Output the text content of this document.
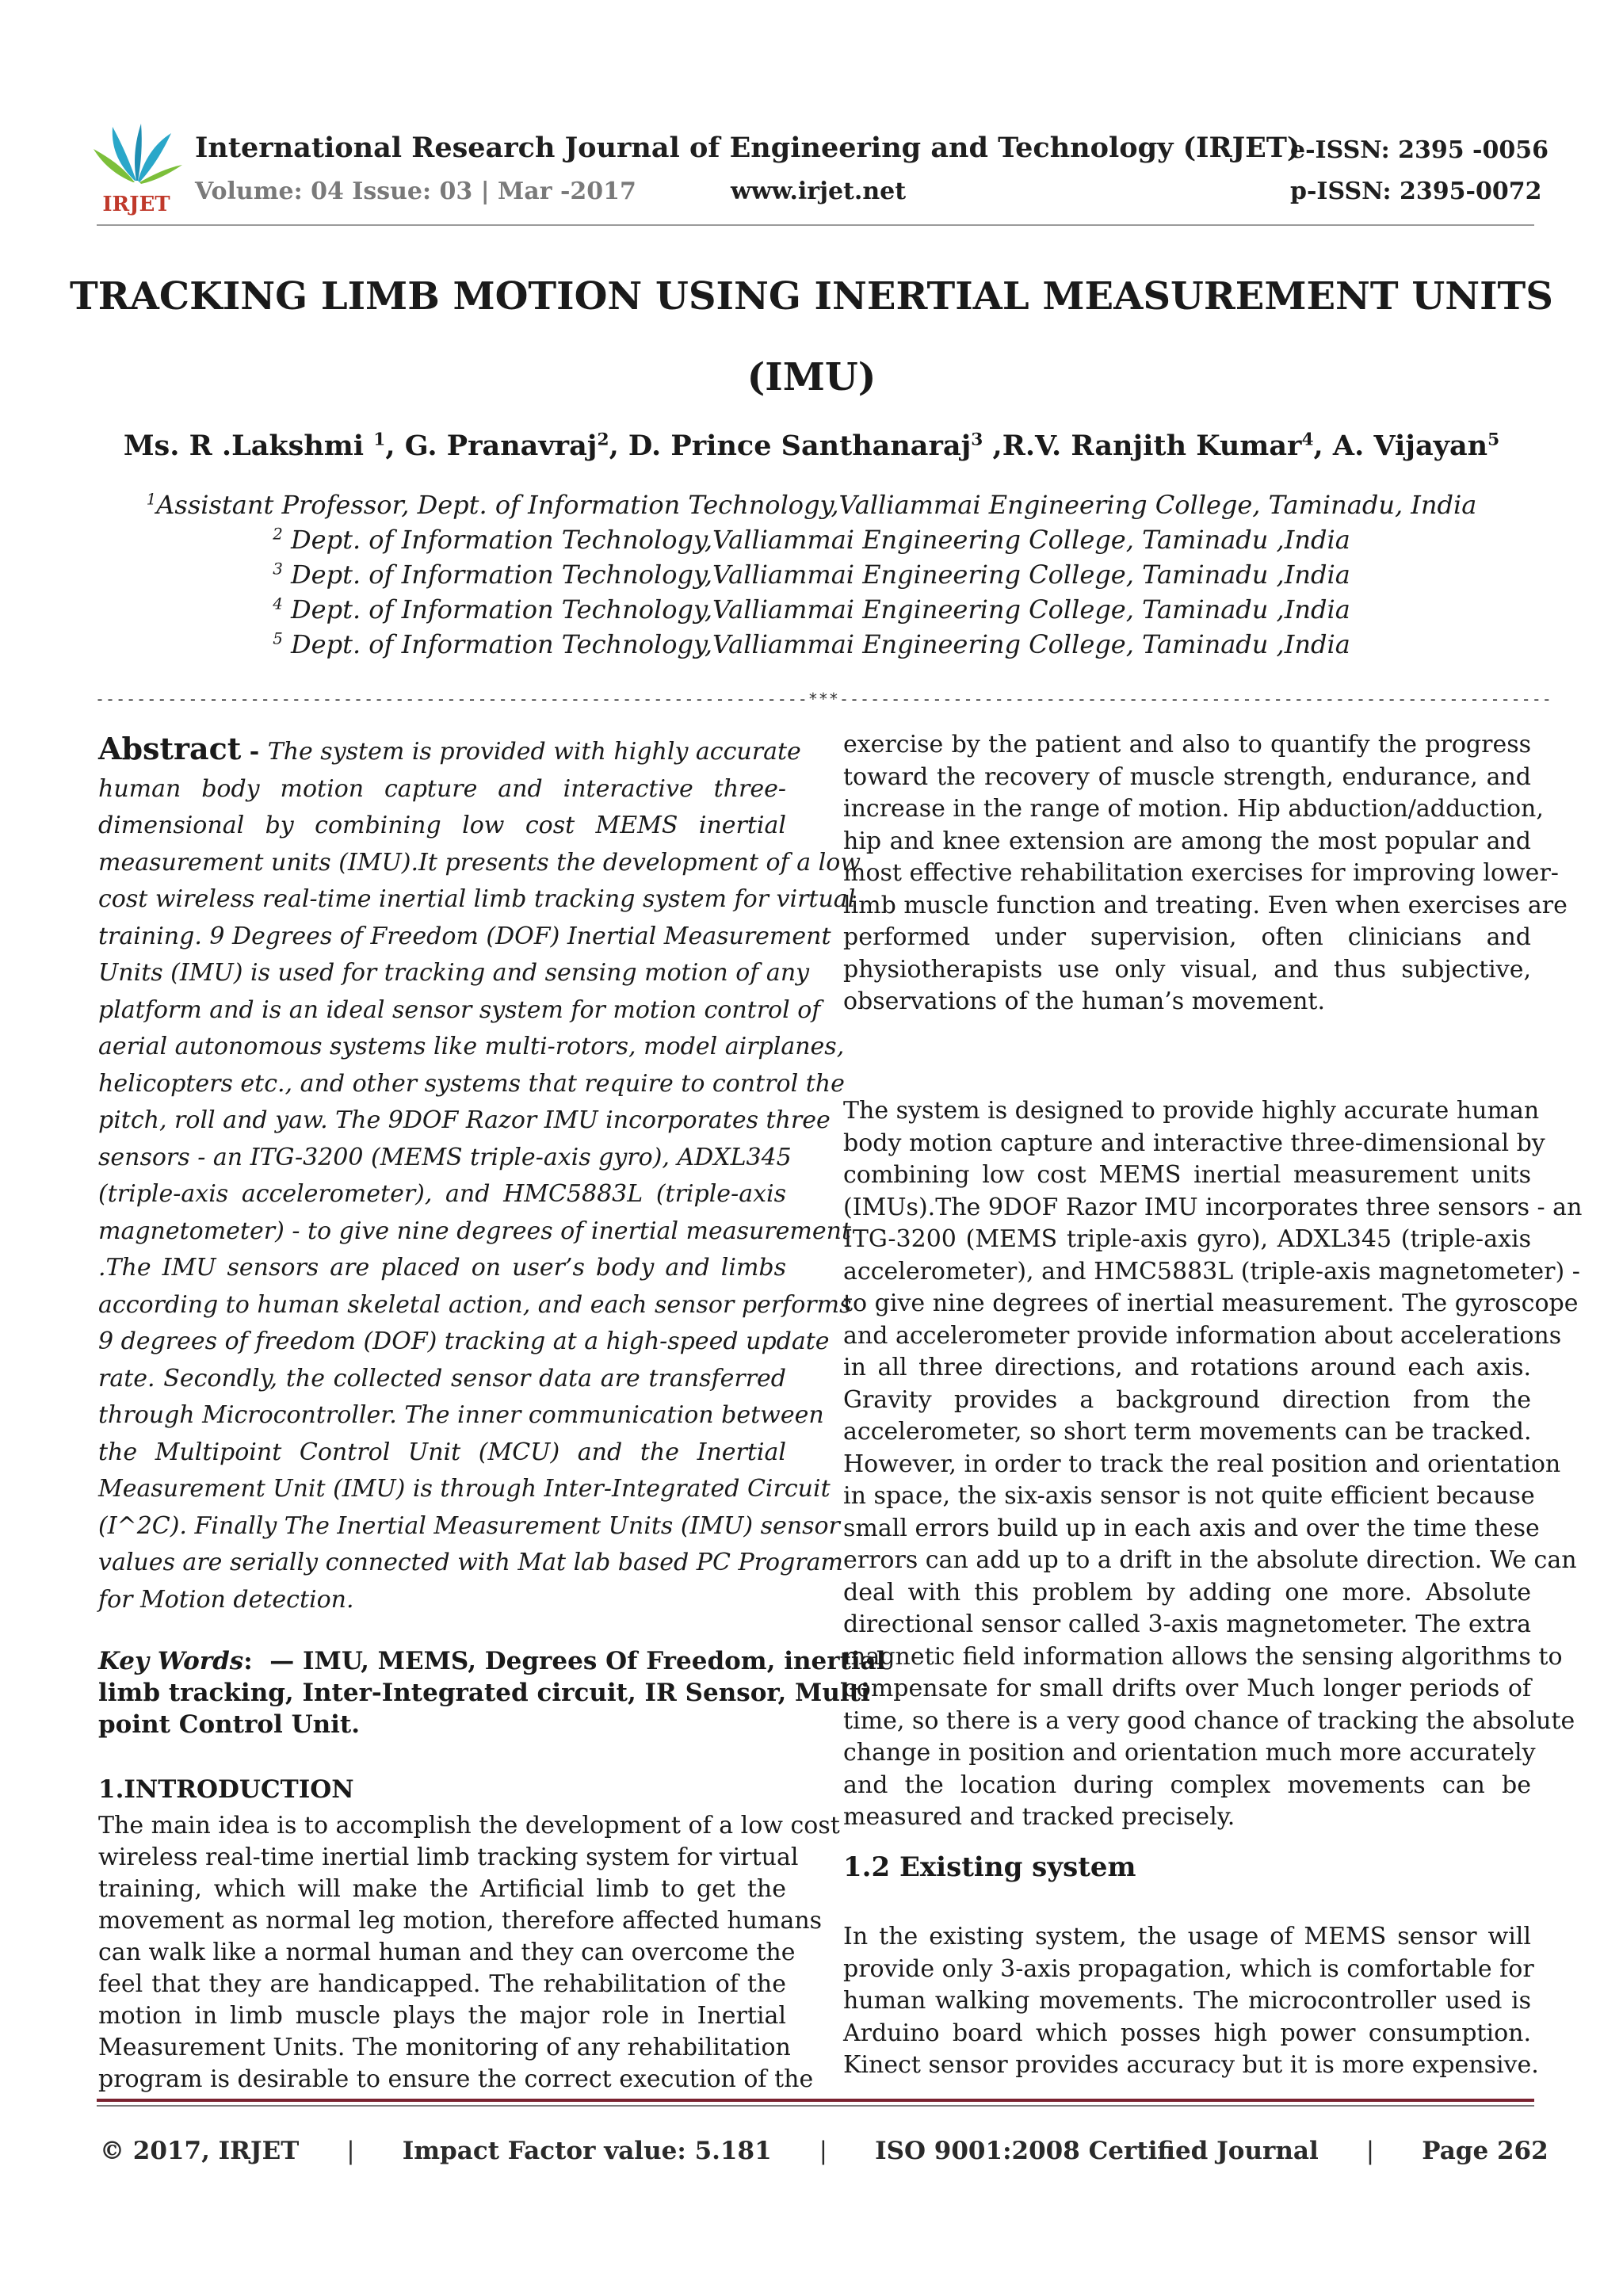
IRJET
International Research Journal of Engineering and Technology (IRJET)
e-ISSN: 2395 -0056
Volume: 04 Issue: 03 | Mar -2017	www.irjet.net	p-ISSN: 2395-0072
TRACKING LIMB MOTION USING INERTIAL MEASUREMENT UNITS
(IMU)
Ms. R .Lakshmi $^1$, G. Pranavraj$^2$, D. Prince Santhanaraj$^3$ ,R.V. Ranjith Kumar$^4$, A. Vijayan$^5$
$^1$Assistant Professor, Dept. of Information Technology,Valliammai Engineering College, Taminadu, India
$^2$ Dept. of Information Technology,Valliammai Engineering College, Taminadu ,India
$^3$ Dept. of Information Technology,Valliammai Engineering College, Taminadu ,India
$^4$ Dept. of Information Technology,Valliammai Engineering College, Taminadu ,India
$^5$ Dept. of Information Technology,Valliammai Engineering College, Taminadu ,India
---------------------------------------------------------------------***---------------------------------------------------------------------
Abstract - The system is provided with highly accurate
human body motion capture and interactive three-
dimensional by combining low cost MEMS inertial
measurement units (IMU).It presents the development of a low
cost wireless real-time inertial limb tracking system for virtual
training. 9 Degrees of Freedom (DOF) Inertial Measurement
Units (IMU) is used for tracking and sensing motion of any
platform and is an ideal sensor system for motion control of
aerial autonomous systems like multi-rotors, model airplanes,
helicopters etc., and other systems that require to control the
pitch, roll and yaw. The 9DOF Razor IMU incorporates three
sensors - an ITG-3200 (MEMS triple-axis gyro), ADXL345
(triple-axis accelerometer), and HMC5883L (triple-axis
magnetometer) - to give nine degrees of inertial measurement
.The IMU sensors are placed on user’s body and limbs
according to human skeletal action, and each sensor performs
9 degrees of freedom (DOF) tracking at a high-speed update
rate. Secondly, the collected sensor data are transferred
through Microcontroller. The inner communication between
the Multipoint Control Unit (MCU) and the Inertial
Measurement Unit (IMU) is through Inter-Integrated Circuit
(I^2C). Finally The Inertial Measurement Units (IMU) sensor
values are serially connected with Mat lab based PC Program
for Motion detection.
Key Words: — IMU, MEMS, Degrees Of Freedom, inertial
limb tracking, Inter-Integrated circuit, IR Sensor, Multi
point Control Unit.
1.INTRODUCTION
The main idea is to accomplish the development of a low cost
wireless real-time inertial limb tracking system for virtual
training, which will make the Artificial limb to get the
movement as normal leg motion, therefore affected humans
can walk like a normal human and they can overcome the
feel that they are handicapped. The rehabilitation of the
motion in limb muscle plays the major role in Inertial
Measurement Units. The monitoring of any rehabilitation
program is desirable to ensure the correct execution of the
exercise by the patient and also to quantify the progress
toward the recovery of muscle strength, endurance, and
increase in the range of motion. Hip abduction/adduction,
hip and knee extension are among the most popular and
most effective rehabilitation exercises for improving lower-
limb muscle function and treating. Even when exercises are
performed under supervision, often clinicians and
physiotherapists use only visual, and thus subjective,
observations of the human’s movement.
The system is designed to provide highly accurate human
body motion capture and interactive three-dimensional by
combining low cost MEMS inertial measurement units
(IMUs).The 9DOF Razor IMU incorporates three sensors - an
ITG-3200 (MEMS triple-axis gyro), ADXL345 (triple-axis
accelerometer), and HMC5883L (triple-axis magnetometer) -
to give nine degrees of inertial measurement. The gyroscope
and accelerometer provide information about accelerations
in all three directions, and rotations around each axis.
Gravity provides a background direction from the
accelerometer, so short term movements can be tracked.
However, in order to track the real position and orientation
in space, the six-axis sensor is not quite efficient because
small errors build up in each axis and over the time these
errors can add up to a drift in the absolute direction. We can
deal with this problem by adding one more. Absolute
directional sensor called 3-axis magnetometer. The extra
magnetic field information allows the sensing algorithms to
compensate for small drifts over Much longer periods of
time, so there is a very good chance of tracking the absolute
change in position and orientation much more accurately
and the location during complex movements can be
measured and tracked precisely.
1.2 Existing system
In the existing system, the usage of MEMS sensor will
provide only 3-axis propagation, which is comfortable for
human walking movements. The microcontroller used is
Arduino board which posses high power consumption.
Kinect sensor provides accuracy but it is more expensive.
© 2017, IRJET | Impact Factor value: 5.181 | ISO 9001:2008 Certified Journal | Page 262
